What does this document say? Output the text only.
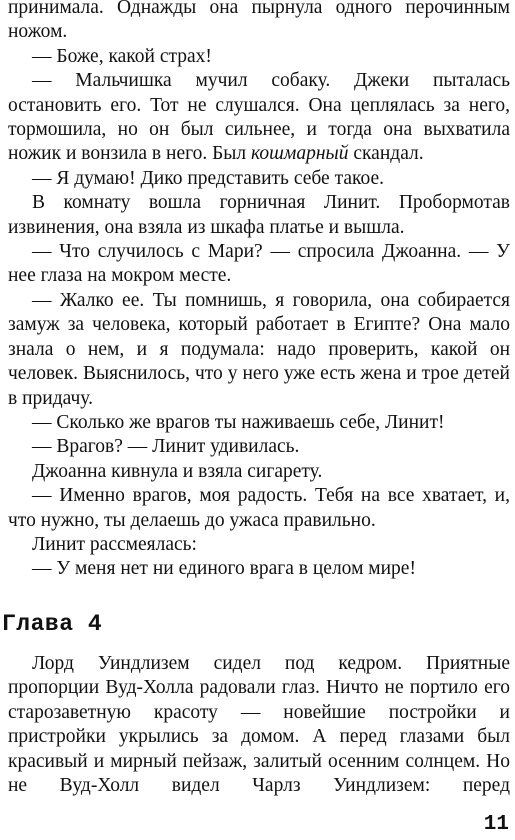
принимала. Однажды она пырнула одного перочинным ножом.

— Боже, какой страх!

— Мальчишка мучил собаку. Джеки пыталась остановить его. Тот не слушался. Она цеплялась за него, тормошила, но он был сильнее, и тогда она выхватила ножик и вонзила в него. Был кошмарный скандал.

— Я думаю! Дико представить себе такое.

В комнату вошла горничная Линит. Пробормотав извинения, она взяла из шкафа платье и вышла.

— Что случилось с Мари? — спросила Джоанна. — У нее глаза на мокром месте.

— Жалко ее. Ты помнишь, я говорила, она собирается замуж за человека, который работает в Египте? Она мало знала о нем, и я подумала: надо проверить, какой он человек. Выяснилось, что у него уже есть жена и трое детей в придачу.

— Сколько же врагов ты наживаешь себе, Линит!

— Врагов? — Линит удивилась.

Джоанна кивнула и взяла сигарету.

— Именно врагов, моя радость. Тебя на все хватает, и, что нужно, ты делаешь до ужаса правильно.

Линит рассмеялась:

— У меня нет ни единого врага в целом мире!

Глава 4

Лорд Уиндлизем сидел под кедром. Приятные пропорции Вуд-Холла радовали глаз. Ничто не портило его старозаветную красоту — новейшие постройки и пристройки укрылись за домом. А перед глазами был красивый и мирный пейзаж, залитый осенним солнцем. Но не Вуд-Холл видел Чарлз Уиндлизем: перед

11
